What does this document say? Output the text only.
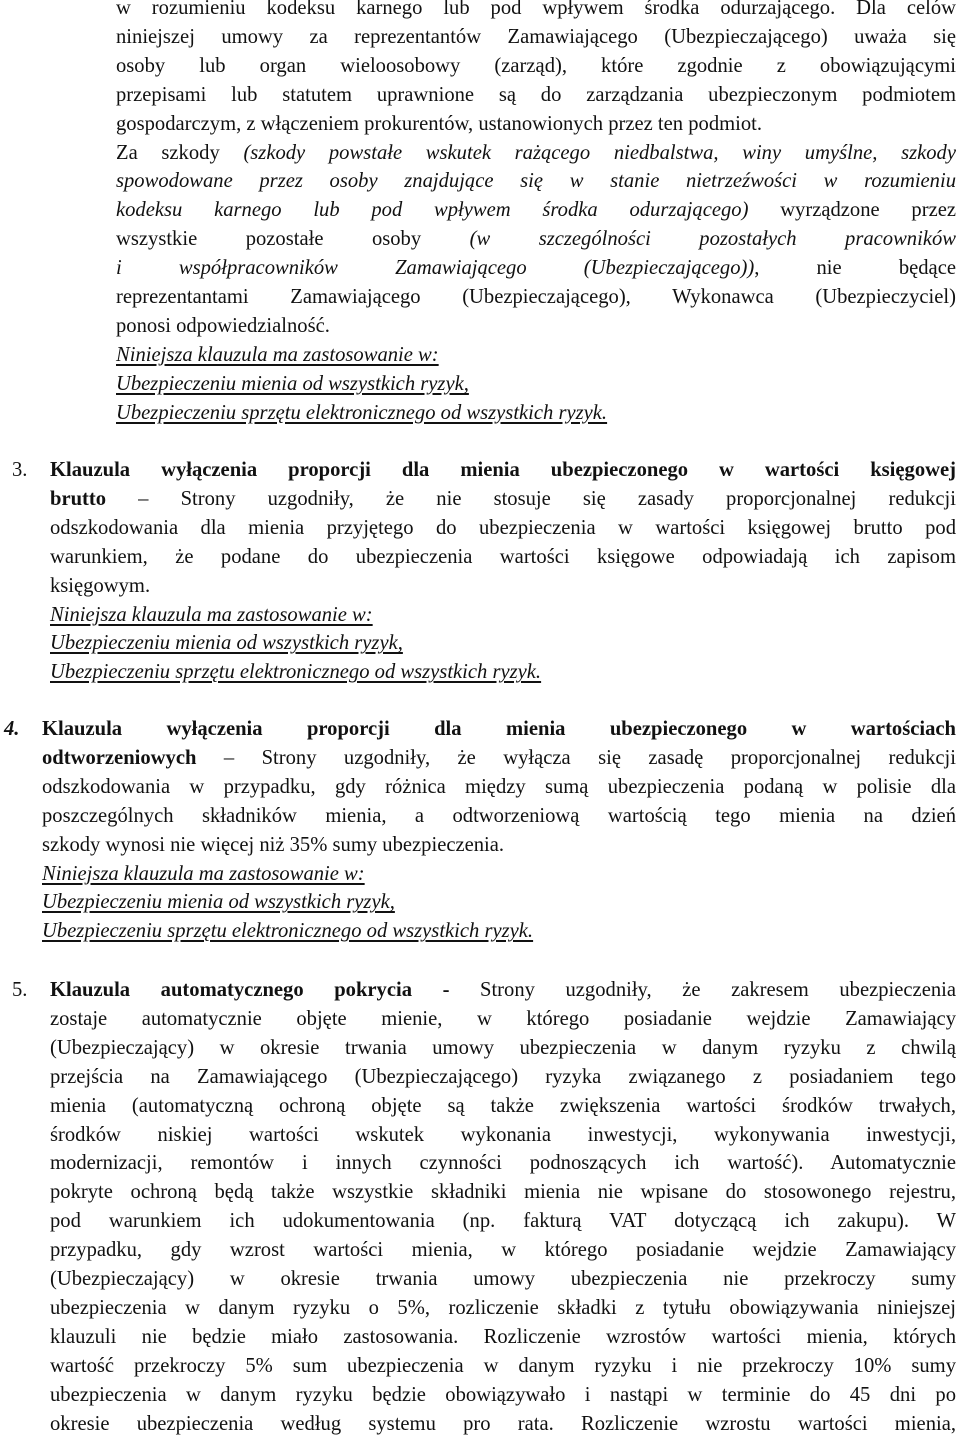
w rozumieniu kodeksu karnego lub pod wpływem środka odurzającego. Dla celów
niniejszej umowy za reprezentantów Zamawiającego (Ubezpieczającego) uważa się
osoby lub organ wieloosobowy (zarząd), które zgodnie z obowiązującymi
przepisami lub statutem uprawnione są do zarządzania ubezpieczonym podmiotem
gospodarczym, z włączeniem prokurentów, ustanowionych przez ten podmiot.
Za szkody (szkody powstałe wskutek rażącego niedbalstwa, winy umyślne, szkody
spowodowane przez osoby znajdujące się w stanie nietrzeźwości w rozumieniu
kodeksu karnego lub pod wpływem środka odurzającego) wyrządzone przez
wszystkie pozostałe osoby (w szczególności pozostałych pracowników
i współpracowników Zamawiającego (Ubezpieczającego)), nie będące
reprezentantami Zamawiającego (Ubezpieczającego), Wykonawca (Ubezpieczyciel)
ponosi odpowiedzialność.
Niniejsza klauzula ma zastosowanie w:
Ubezpieczeniu mienia od wszystkich ryzyk,
Ubezpieczeniu sprzętu elektronicznego od wszystkich ryzyk.
3. Klauzula wyłączenia proporcji dla mienia ubezpieczonego w wartości księgowej
brutto – Strony uzgodniły, że nie stosuje się zasady proporcjonalnej redukcji
odszkodowania dla mienia przyjętego do ubezpieczenia w wartości księgowej brutto pod
warunkiem, że podane do ubezpieczenia wartości księgowe odpowiadają ich zapisom
księgowym.
Niniejsza klauzula ma zastosowanie w:
Ubezpieczeniu mienia od wszystkich ryzyk,
Ubezpieczeniu sprzętu elektronicznego od wszystkich ryzyk.
4. Klauzula wyłączenia proporcji dla mienia ubezpieczonego w wartościach
odtworzeniowych – Strony uzgodniły, że wyłącza się zasadę proporcjonalnej redukcji
odszkodowania w przypadku, gdy różnica między sumą ubezpieczenia podaną w polisie dla
poszczególnych składników mienia, a odtworzeniową wartością tego mienia na dzień
szkody wynosi nie więcej niż 35% sumy ubezpieczenia.
Niniejsza klauzula ma zastosowanie w:
Ubezpieczeniu mienia od wszystkich ryzyk,
Ubezpieczeniu sprzętu elektronicznego od wszystkich ryzyk.
5. Klauzula automatycznego pokrycia - Strony uzgodniły, że zakresem ubezpieczenia
zostaje automatycznie objęte mienie, w którego posiadanie wejdzie Zamawiający
(Ubezpieczający) w okresie trwania umowy ubezpieczenia w danym ryzyku z chwilą
przejścia na Zamawiającego (Ubezpieczającego) ryzyka związanego z posiadaniem tego
mienia (automatyczną ochroną objęte są także zwiększenia wartości środków trwałych,
środków niskiej wartości wskutek wykonania inwestycji, wykonywania inwestycji,
modernizacji, remontów i innych czynności podnoszących ich wartość). Automatycznie
pokryte ochroną będą także wszystkie składniki mienia nie wpisane do stosowonego rejestru,
pod warunkiem ich udokumentowania (np. fakturą VAT dotyczącą ich zakupu). W
przypadku, gdy wzrost wartości mienia, w którego posiadanie wejdzie Zamawiający
(Ubezpieczający) w okresie trwania umowy ubezpieczenia nie przekroczy sumy
ubezpieczenia w danym ryzyku o 5%, rozliczenie składki z tytułu obowiązywania niniejszej
klauzuli nie będzie miało zastosowania. Rozliczenie wzrostów wartości mienia, których
wartość przekroczy 5% sum ubezpieczenia w danym ryzyku i nie przekroczy 10% sumy
ubezpieczenia w danym ryzyku będzie obowiązywało i nastąpi w terminie do 45 dni po
okresie ubezpieczenia według systemu pro rata. Rozliczenie wzrostu wartości mienia,
